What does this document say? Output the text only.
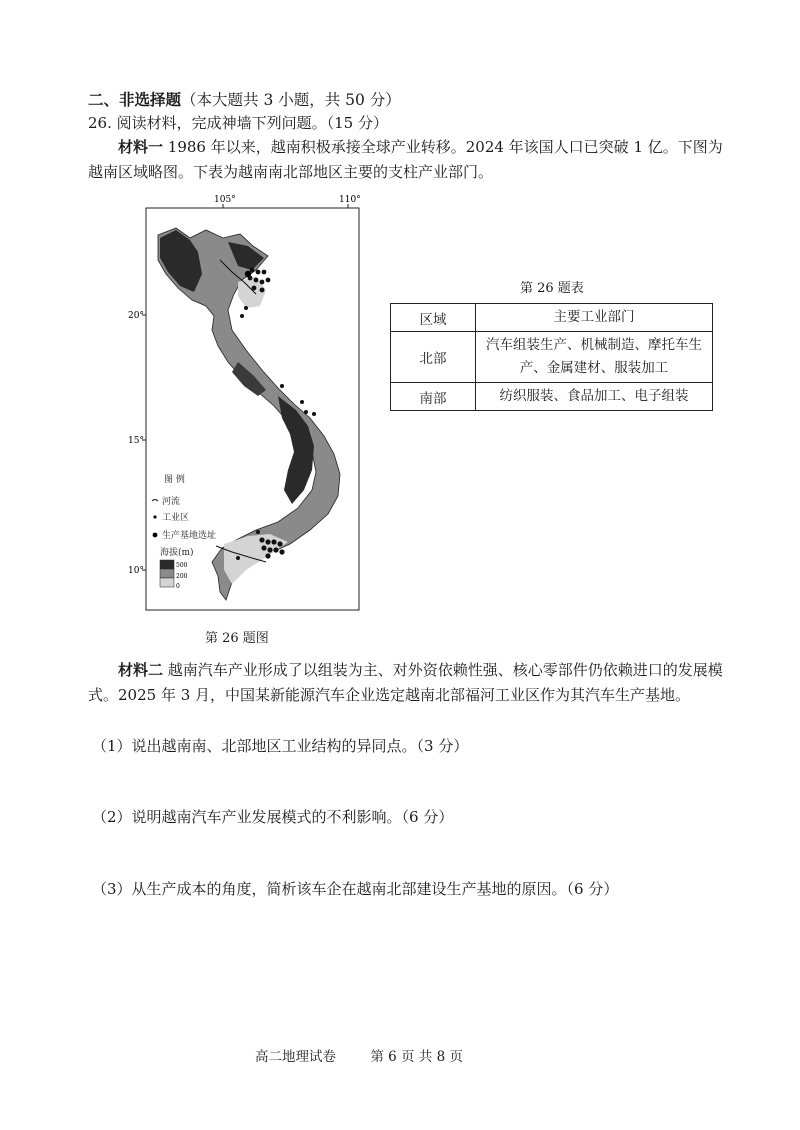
二、非选择题（本大题共 3 小题，共 50 分）
26. 阅读材料，完成神墙下列问题。（15 分）
材料一 1986 年以来，越南积极承接全球产业转移。2024 年该国人口已突破 1 亿。下图为越南区域略图。下表为越南南北部地区主要的支柱产业部门。
105°	110°
20°
15°
10°
图 例
河流
工业区
生产基地选址
海拔(m)
500
200
0
第 26 题图
第 26 题表
区域	主要工业部门
北部	汽车组装生产、机械制造、摩托车生产、金属建材、服装加工
南部	纺织服装、食品加工、电子组装
材料二 越南汽车产业形成了以组装为主、对外资依赖性强、核心零部件仍依赖进口的发展模式。2025 年 3 月，中国某新能源汽车企业选定越南北部福河工业区作为其汽车生产基地。
（1）说出越南南、北部地区工业结构的异同点。（3 分）
（2）说明越南汽车产业发展模式的不利影响。（6 分）
（3）从生产成本的角度，简析该车企在越南北部建设生产基地的原因。（6 分）
高二地理试卷	第 6 页 共 8 页
